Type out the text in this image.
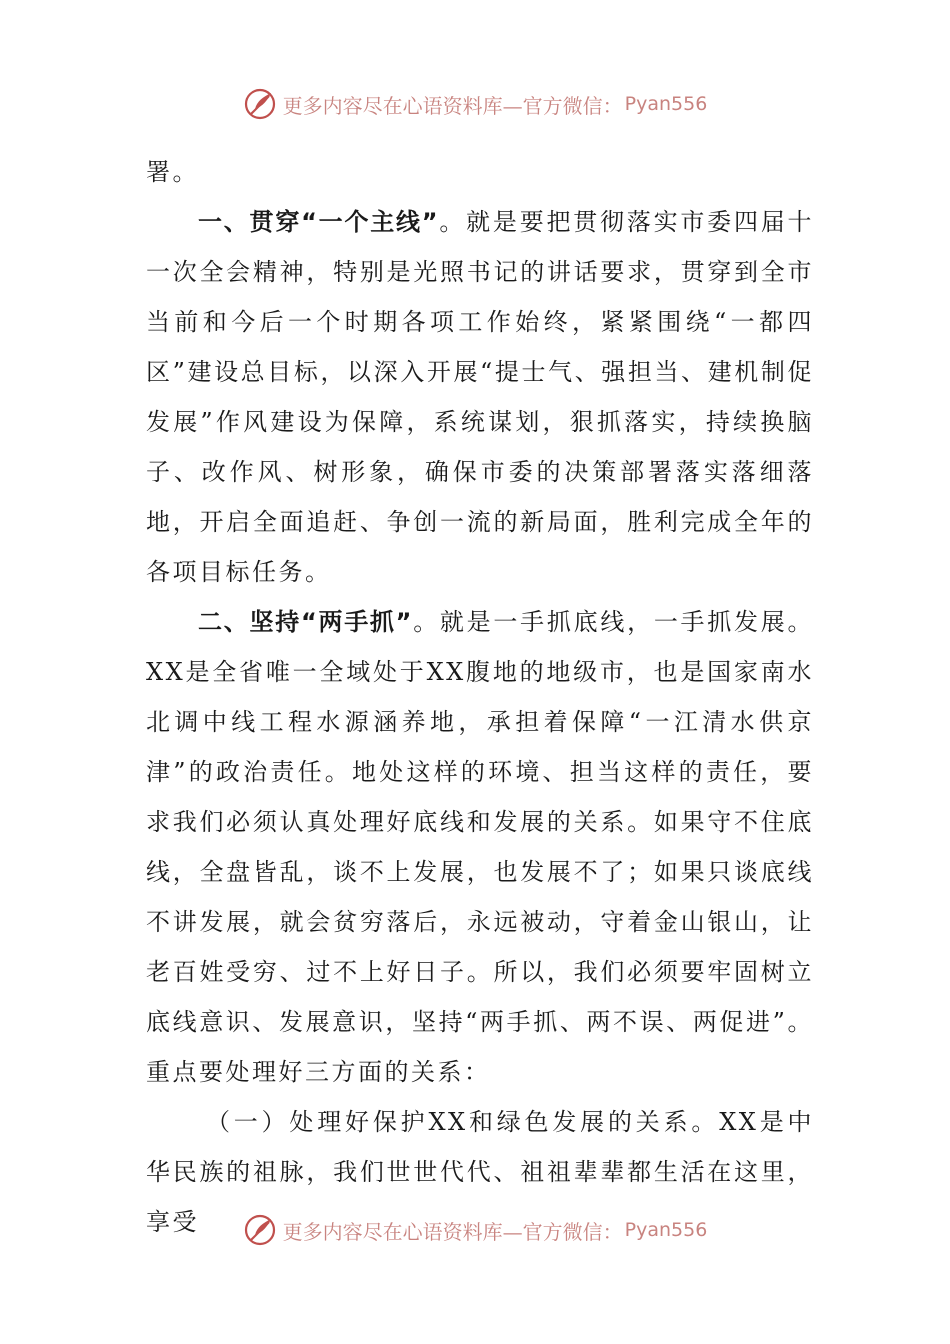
更多内容尽在心语资料库—官方微信： Pyan556

署。

一、贯穿“一个主线”。就是要把贯彻落实市委四届十一次全会精神，特别是光照书记的讲话要求，贯穿到全市当前和今后一个时期各项工作始终，紧紧围绕“一都四区”建设总目标，以深入开展“提士气、强担当、建机制促发展”作风建设为保障，系统谋划，狠抓落实，持续换脑子、改作风、树形象，确保市委的决策部署落实落细落地，开启全面追赶、争创一流的新局面，胜利完成全年的各项目标任务。

二、坚持“两手抓”。就是一手抓底线，一手抓发展。XX是全省唯一全域处于XX腹地的地级市，也是国家南水北调中线工程水源涵养地，承担着保障“一江清水供京津”的政治责任。地处这样的环境、担当这样的责任，要求我们必须认真处理好底线和发展的关系。如果守不住底线，全盘皆乱，谈不上发展，也发展不了；如果只谈底线不讲发展，就会贫穷落后，永远被动，守着金山银山，让老百姓受穷、过不上好日子。所以，我们必须要牢固树立底线意识、发展意识，坚持“两手抓、两不误、两促进”。重点要处理好三方面的关系：

（一）处理好保护XX和绿色发展的关系。XX是中华民族的祖脉，我们世世代代、祖祖辈辈都生活在这里，享受	更多内容尽在心语资料库—官方微信： Pyan556
